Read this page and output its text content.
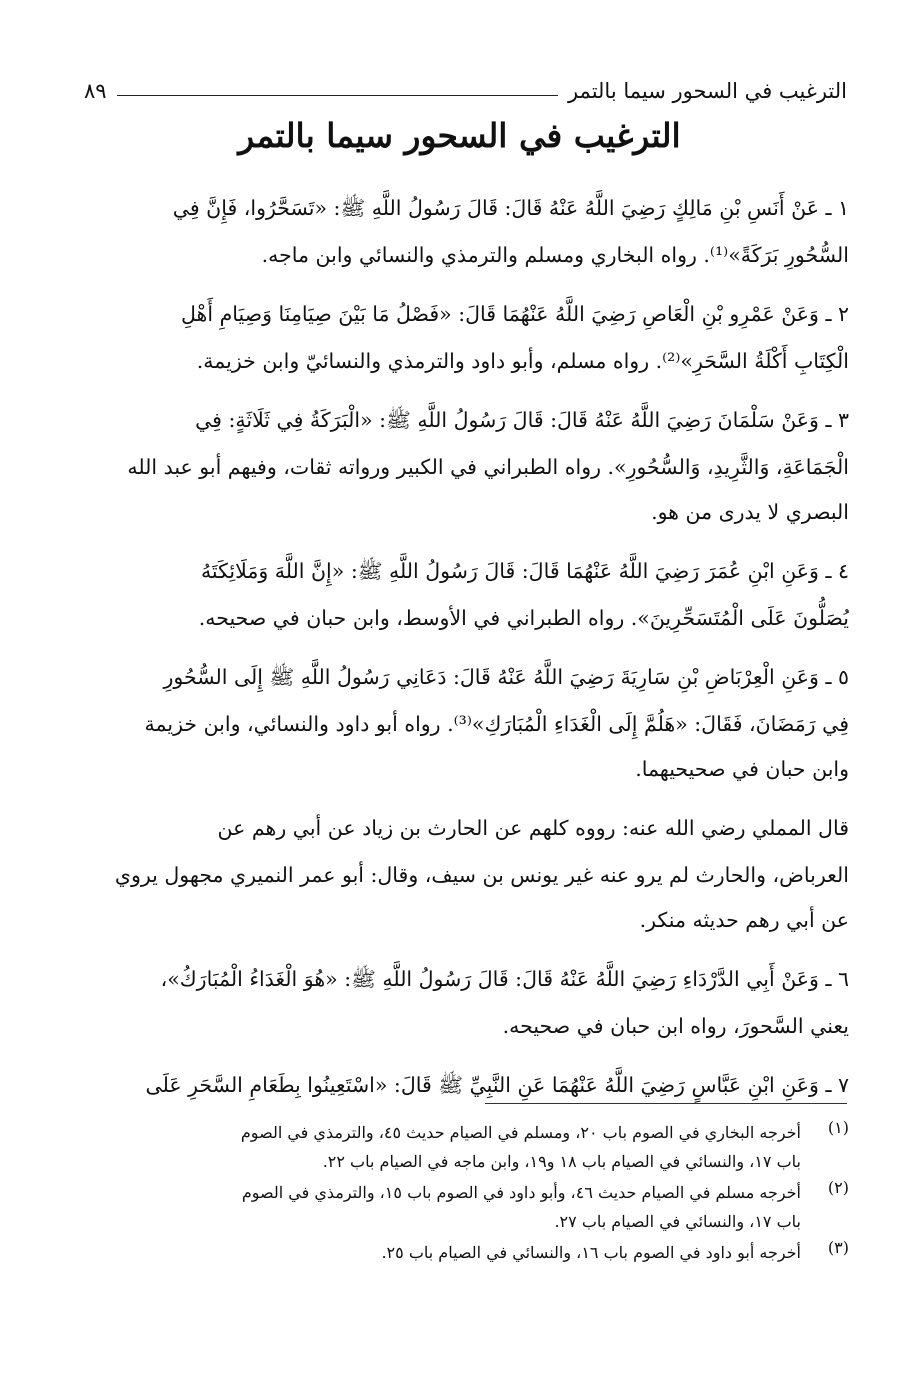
الترغيب في السحور سيما بالتمر
٨٩
الترغيب في السحور سيما بالتمر

١ ـ عَنْ أَنَسِ بْنِ مَالِكٍ رَضِيَ اللَّهُ عَنْهُ قَالَ: قَالَ رَسُولُ اللَّهِ ﷺ: «تَسَحَّرُوا، فَإِنَّ فِي
السُّحُورِ بَرَكَةً»⁽¹⁾. رواه البخاري ومسلم والترمذي والنسائي وابن ماجه.

٢ ـ وَعَنْ عَمْرِو بْنِ الْعَاصِ رَضِيَ اللَّهُ عَنْهُمَا قَالَ: «فَصْلُ مَا بَيْنَ صِيَامِنَا وَصِيَامِ أَهْلِ
الْكِتَابِ أَكْلَةُ السَّحَرِ»⁽²⁾. رواه مسلم، وأبو داود والترمذي والنسائيّ وابن خزيمة.

٣ ـ وَعَنْ سَلْمَانَ رَضِيَ اللَّهُ عَنْهُ قَالَ: قَالَ رَسُولُ اللَّهِ ﷺ: «الْبَرَكَةُ فِي ثَلَاثَةٍ: فِي
الْجَمَاعَةِ، وَالثَّرِيدِ، وَالسُّحُورِ». رواه الطبراني في الكبير ورواته ثقات، وفيهم أبو عبد الله
البصري لا يدرى من هو.

٤ ـ وَعَنِ ابْنِ عُمَرَ رَضِيَ اللَّهُ عَنْهُمَا قَالَ: قَالَ رَسُولُ اللَّهِ ﷺ: «إِنَّ اللَّهَ وَمَلَائِكَتَهُ
يُصَلُّونَ عَلَى الْمُتَسَحِّرِينَ». رواه الطبراني في الأوسط، وابن حبان في صحيحه.

٥ ـ وَعَنِ الْعِرْبَاضِ بْنِ سَارِيَةَ رَضِيَ اللَّهُ عَنْهُ قَالَ: دَعَانِي رَسُولُ اللَّهِ ﷺ إِلَى السُّحُورِ
فِي رَمَضَانَ، فَقَالَ: «هَلُمَّ إِلَى الْغَدَاءِ الْمُبَارَكِ»⁽³⁾. رواه أبو داود والنسائي، وابن خزيمة
وابن حبان في صحيحيهما.

قال المملي رضي الله عنه: رووه كلهم عن الحارث بن زياد عن أبي رهم عن
العرباض، والحارث لم يرو عنه غير يونس بن سيف، وقال: أبو عمر النميري مجهول يروي
عن أبي رهم حديثه منكر.

٦ ـ وَعَنْ أَبِي الدَّرْدَاءِ رَضِيَ اللَّهُ عَنْهُ قَالَ: قَالَ رَسُولُ اللَّهِ ﷺ: «هُوَ الْغَدَاءُ الْمُبَارَكُ»،
يعني السَّحورَ، رواه ابن حبان في صحيحه.

٧ ـ وَعَنِ ابْنِ عَبَّاسٍ رَضِيَ اللَّهُ عَنْهُمَا عَنِ النَّبِيِّ ﷺ قَالَ: «اسْتَعِينُوا بِطَعَامِ السَّحَرِ عَلَى

(١)
أخرجه البخاري في الصوم باب ٢٠، ومسلم في الصيام حديث ٤٥، والترمذي في الصوم
باب ١٧، والنسائي في الصيام باب ١٨ و١٩، وابن ماجه في الصيام باب ٢٢.
(٢)
أخرجه مسلم في الصيام حديث ٤٦، وأبو داود في الصوم باب ١٥، والترمذي في الصوم
باب ١٧، والنسائي في الصيام باب ٢٧.
(٣)
أخرجه أبو داود في الصوم باب ١٦، والنسائي في الصيام باب ٢٥.
